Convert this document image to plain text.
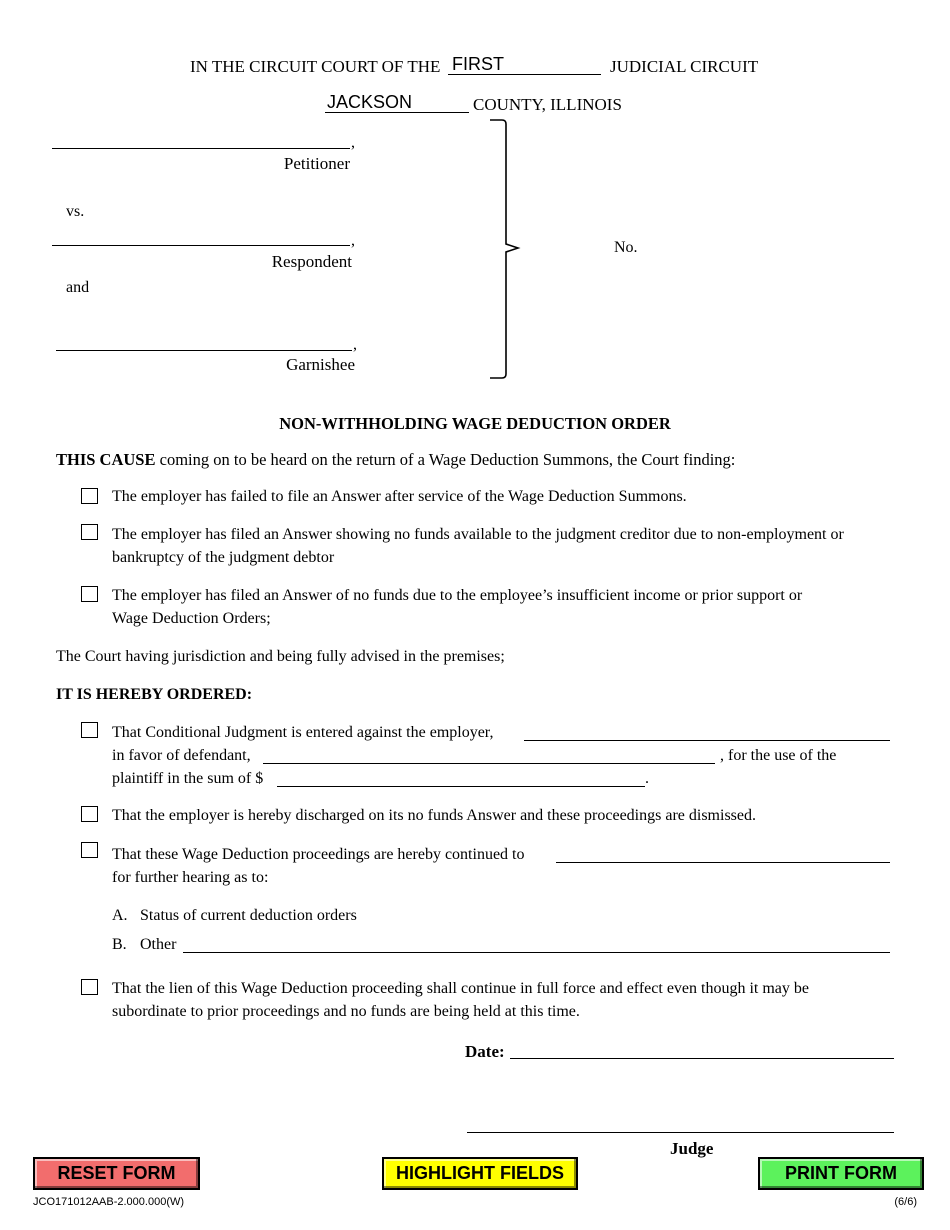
IN THE CIRCUIT COURT OF THE FIRST	JUDICIAL CIRCUIT
JACKSON	COUNTY, ILLINOIS
,
Petitioner
vs.
,
Respondent
and
,
Garnishee
No.
NON-WITHHOLDING WAGE DEDUCTION ORDER
THIS CAUSE coming on to be heard on the return of a Wage Deduction Summons, the Court finding:
The employer has failed to file an Answer after service of the Wage Deduction Summons.
The employer has filed an Answer showing no funds available to the judgment creditor due to non-employment or
bankruptcy of the judgment debtor
The employer has filed an Answer of no funds due to the employee’s insufficient income or prior support or
Wage Deduction Orders;
The Court having jurisdiction and being fully advised in the premises;
IT IS HEREBY ORDERED:
That Conditional Judgment is entered against the employer,
in favor of defendant,	, for the use of the
plaintiff in the sum of $	.
That the employer is hereby discharged on its no funds Answer and these proceedings are dismissed.
That these Wage Deduction proceedings are hereby continued to
for further hearing as to:
A. Status of current deduction orders
B. Other
That the lien of this Wage Deduction proceeding shall continue in full force and effect even though it may be
subordinate to prior proceedings and no funds are being held at this time.
Date:
Judge
RESET FORM	HIGHLIGHT FIELDS	PRINT FORM
JCO171012AAB-2.000.000(W)	(6/6)
